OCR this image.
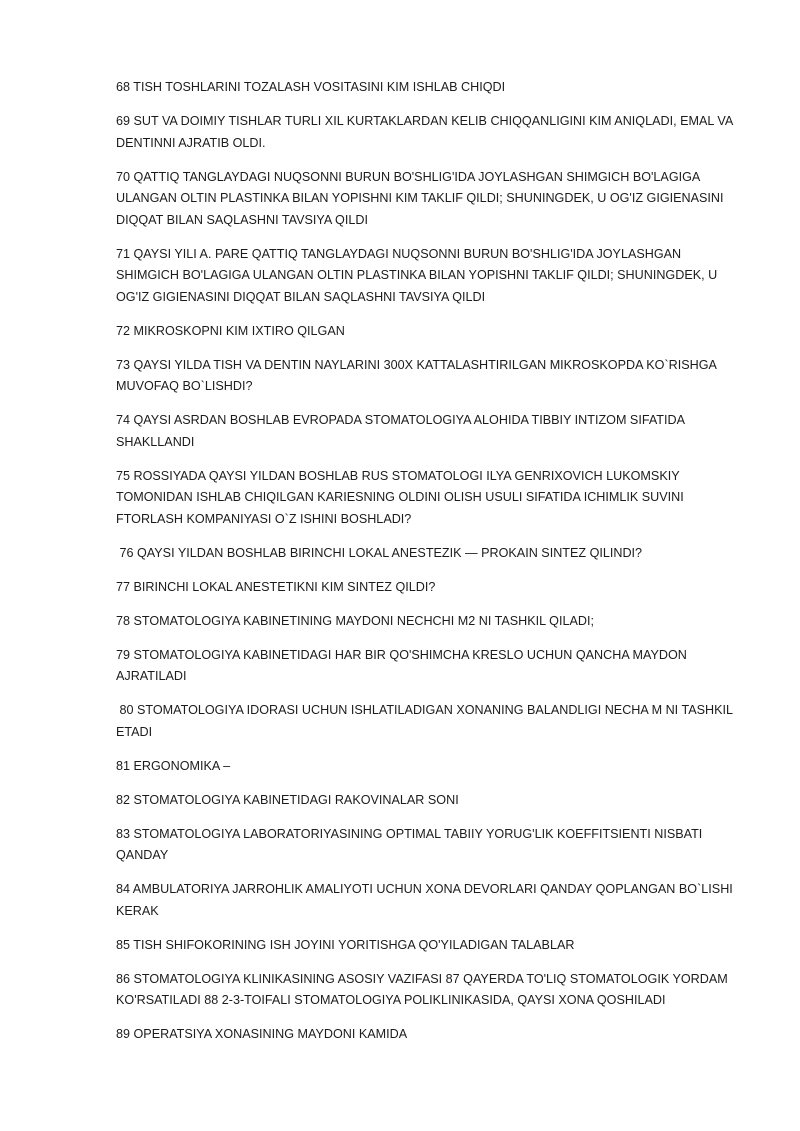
68 TISH TOSHLARINI TOZALASH VOSITASINI KIM ISHLAB CHIQDI

69 SUT VA DOIMIY TISHLAR TURLI XIL KURTAKLARDAN KELIB CHIQQANLIGINI KIM ANIQLADI, EMAL VA DENTINNI AJRATIB OLDI.

70 QATTIQ TANGLAYDAGI NUQSONNI BURUN BO'SHLIG'IDA JOYLASHGAN SHIMGICH BO'LAGIGA ULANGAN OLTIN PLASTINKA BILAN YOPISHNI KIM TAKLIF QILDI; SHUNINGDEK, U OG'IZ GIGIENASINI DIQQAT BILAN SAQLASHNI TAVSIYA QILDI

71 QAYSI YILI A. PARE QATTIQ TANGLAYDAGI NUQSONNI BURUN BO'SHLIG'IDA JOYLASHGAN SHIMGICH BO'LAGIGA ULANGAN OLTIN PLASTINKA BILAN YOPISHNI TAKLIF QILDI; SHUNINGDEK, U OG'IZ GIGIENASINI DIQQAT BILAN SAQLASHNI TAVSIYA QILDI

72 MIKROSKOPNI KIM IXTIRO QILGAN

73 QAYSI YILDA TISH VA DENTIN NAYLARINI 300X KATTALASHTIRILGAN MIKROSKOPDA KO`RISHGA MUVOFAQ BO`LISHDI?

74 QAYSI ASRDAN BOSHLAB EVROPADA STOMATOLOGIYA ALOHIDA TIBBIY INTIZOM SIFATIDA SHAKLLANDI

75 ROSSIYADA QAYSI YILDAN BOSHLAB RUS STOMATOLOGI ILYA GENRIXOVICH LUKOMSKIY TOMONIDAN ISHLAB CHIQILGAN KARIESNING OLDINI OLISH USULI SIFATIDA ICHIMLIK SUVINI FTORLASH KOMPANIYASI O`Z ISHINI BOSHLADI?

76 QAYSI YILDAN BOSHLAB BIRINCHI LOKAL ANESTEZIK — PROKAIN SINTEZ QILINDI?

77 BIRINCHI LOKAL ANESTETIKNI KIM SINTEZ QILDI?

78 STOMATOLOGIYA KABINETINING MAYDONI NECHCHI M2 NI TASHKIL QILADI;

79 STOMATOLOGIYA KABINETIDAGI HAR BIR QO'SHIMCHA KRESLO UCHUN QANCHA MAYDON AJRATILADI

80 STOMATOLOGIYA IDORASI UCHUN ISHLATILADIGAN XONANING BALANDLIGI NECHA M NI TASHKIL ETADI

81 ERGONOMIKA –

82 STOMATOLOGIYA KABINETIDAGI RAKOVINALAR SONI

83 STOMATOLOGIYA LABORATORIYASINING OPTIMAL TABIIY YORUG'LIK KOEFFITSIENTI NISBATI QANDAY

84 AMBULATORIYA JARROHLIK AMALIYOTI UCHUN XONA DEVORLARI QANDAY QOPLANGAN BO`LISHI KERAK

85 TISH SHIFOKORINING ISH JOYINI YORITISHGA QO'YILADIGAN TALABLAR

86 STOMATOLOGIYA KLINIKASINING ASOSIY VAZIFASI 87 QAYERDA TO'LIQ STOMATOLOGIK YORDAM KO'RSATILADI 88 2-3-TOIFALI STOMATOLOGIYA POLIKLINIKASIDA, QAYSI XONA QOSHILADI

89 OPERATSIYA XONASINING MAYDONI KAMIDA
